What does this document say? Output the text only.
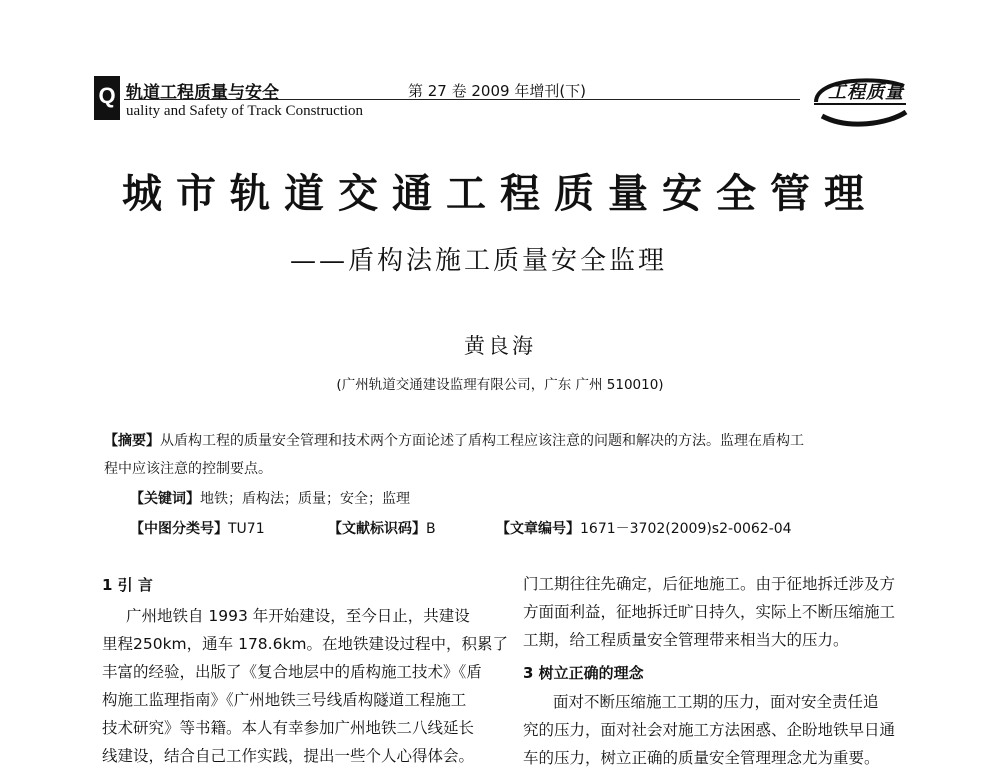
Q 轨道工程质量与安全	第 27 卷 2009 年增刊(下)
uality and Safety of Track Construction
工程质量
城市轨道交通工程质量安全管理
——盾构法施工质量安全监理
黄良海
(广州轨道交通建设监理有限公司，广东 广州 510010)
【摘要】从盾构工程的质量安全管理和技术两个方面论述了盾构工程应该注意的问题和解决的方法。监理在盾构工
程中应该注意的控制要点。
【关键词】地铁；盾构法；质量；安全；监理
【中图分类号】TU71	【文献标识码】B	【文章编号】1671－3702(2009)s2-0062-04
1 引 言
广州地铁自 1993 年开始建设，至今日止，共建设
里程250km，通车 178.6km。在地铁建设过程中，积累了
丰富的经验，出版了《复合地层中的盾构施工技术》《盾
构施工监理指南》《广州地铁三号线盾构隧道工程施工
技术研究》等书籍。本人有幸参加广州地铁二八线延长
线建设，结合自己工作实践，提出一些个人心得体会。
门工期往往先确定，后征地施工。由于征地拆迁涉及方
方面面利益，征地拆迁旷日持久，实际上不断压缩施工
工期，给工程质量安全管理带来相当大的压力。
3 树立正确的理念
面对不断压缩施工工期的压力，面对安全责任追
究的压力，面对社会对施工方法困惑、企盼地铁早日通
车的压力，树立正确的质量安全管理理念尤为重要。
